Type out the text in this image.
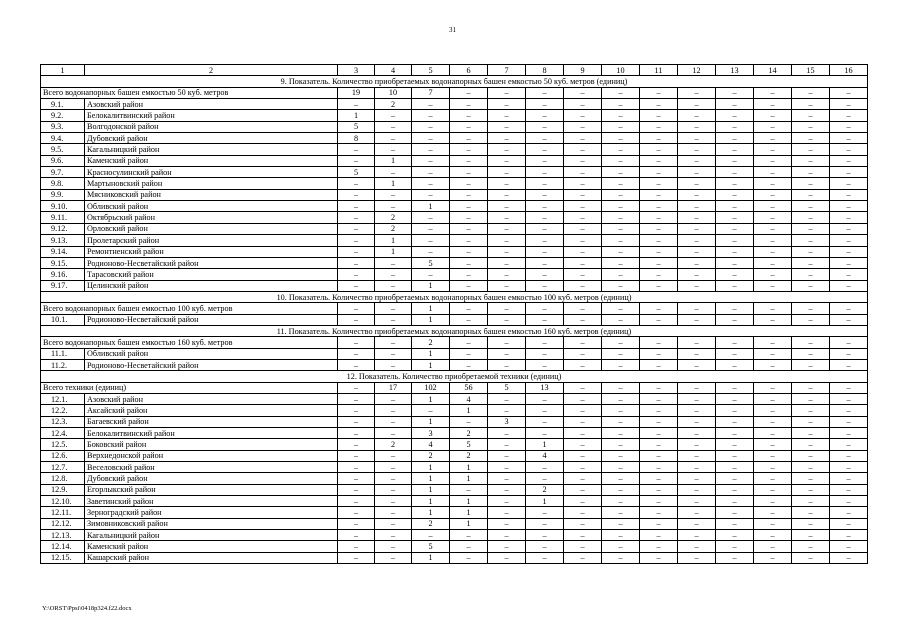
31
1	2	3	4	5	6	7	8	9	10	11	12	13	14	15	16
9. Показатель. Количество приобретаемых водонапорных башен емкостью 50 куб. метров (единиц)															
Всего водонапорных башен емкостью 50 куб. метров		19	10	7	–	–	–	–	–	–	–	–	–	–	–
9.1.	Азовский район	–	2	–	–	–	–	–	–	–	–	–	–	–	–
9.2.	Белокалитвинский район	1	–	–	–	–	–	–	–	–	–	–	–	–	–
9.3.	Волгодонской район	5	–	–	–	–	–	–	–	–	–	–	–	–	–
9.4.	Дубовский район	8	–	–	–	–	–	–	–	–	–	–	–	–	–
9.5.	Кагальницкий район	–	–	–	–	–	–	–	–	–	–	–	–	–	–
9.6.	Каменский район	–	1	–	–	–	–	–	–	–	–	–	–	–	–
9.7.	Красносулинский район	5	–	–	–	–	–	–	–	–	–	–	–	–	–
9.8.	Мартыновский район	–	1	–	–	–	–	–	–	–	–	–	–	–	–
9.9.	Мясниковский район	–	–	–	–	–	–	–	–	–	–	–	–	–	–
9.10.	Обливский район	–	–	1	–	–	–	–	–	–	–	–	–	–	–
9.11.	Октябрьский район	–	2	–	–	–	–	–	–	–	–	–	–	–	–
9.12.	Орловский район	–	2	–	–	–	–	–	–	–	–	–	–	–	–
9.13.	Пролетарский район	–	1	–	–	–	–	–	–	–	–	–	–	–	–
9.14.	Ремонтненский район	–	1	–	–	–	–	–	–	–	–	–	–	–	–
9.15.	Родионово-Несветайский район	–	–	5	–	–	–	–	–	–	–	–	–	–	–
9.16.	Тарасовский район	–	–	–	–	–	–	–	–	–	–	–	–	–	–
9.17.	Целинский район	–	–	1	–	–	–	–	–	–	–	–	–	–	–
10. Показатель. Количество приобретаемых водонапорных башен емкостью 100 куб. метров (единиц)															
Всего водонапорных башен емкостью 100 куб. метров		–	–	1	–	–	–	–	–	–	–	–	–	–	–
10.1.	Родионово-Несветайский район	–	–	1	–	–	–	–	–	–	–	–	–	–	–
11. Показатель. Количество приобретаемых водонапорных башен емкостью 160 куб. метров (единиц)															
Всего водонапорных башен емкостью 160 куб. метров		–	–	2	–	–	–	–	–	–	–	–	–	–	–
11.1.	Обливский район	–	–	1	–	–	–	–	–	–	–	–	–	–	–
11.2.	Родионово-Несветайский район	–	–	1	–	–	–	–	–	–	–	–	–	–	–
12. Показатель. Количество приобретаемой техники (единиц)															
Всего техники (единиц)		–	17	102	56	5	13	–	–	–	–	–	–	–	–
12.1.	Азовский район	–	–	1	4	–	–	–	–	–	–	–	–	–	–
12.2.	Аксайский район	–	–	–	1	–	–	–	–	–	–	–	–	–	–
12.3.	Багаевский район	–	–	1	–	3	–	–	–	–	–	–	–	–	–
12.4.	Белокалитвинский район	–	–	3	2	–	–	–	–	–	–	–	–	–	–
12.5.	Боковский район	–	2	4	5	–	1	–	–	–	–	–	–	–	–
12.6.	Верхнедонской район	–	–	2	2	–	4	–	–	–	–	–	–	–	–
12.7.	Веселовский район	–	–	1	1	–	–	–	–	–	–	–	–	–	–
12.8.	Дубовский район	–	–	1	1	–	–	–	–	–	–	–	–	–	–
12.9.	Егорлыкский район	–	–	1	–	–	2	–	–	–	–	–	–	–	–
12.10.	Заветинский район	–	–	1	1	–	1	–	–	–	–	–	–	–	–
12.11.	Зерноградский район	–	–	1	1	–	–	–	–	–	–	–	–	–	–
12.12.	Зимовниковский район	–	–	2	1	–	–	–	–	–	–	–	–	–	–
12.13.	Кагальницкий район	–	–	–	–	–	–	–	–	–	–	–	–	–	–
12.14.	Каменский район	–	–	5	–	–	–	–	–	–	–	–	–	–	–
12.15.	Кашарский район	–	–	1	–	–	–	–	–	–	–	–	–	–	–
Y:\ORST\Ppsi\0418p324.f22.docx
